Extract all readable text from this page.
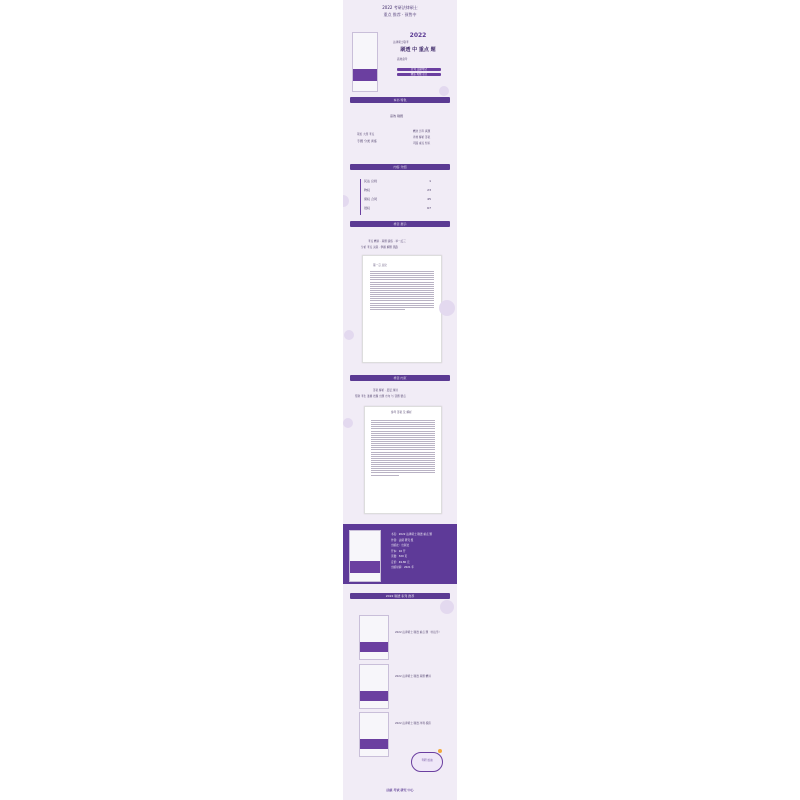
2022 考研法律硕士
重点 推荐 · 预售中
2022
法律硕士联考
刷透 中 重点 题
高效备考
针对 法硕考试
精选 真题 重点
本书 特色
高效 刷题
紧扣 大纲 考点
专题 分类 训练
精选 历年 真题
详细 解析 答案
巩固 重点 知识
内容 介绍
民法 总则	1
物权	23
债权 合同	45
侵权	67
样章 展示
考点 精讲 · 真题 演练 · 举一反三
分析 考点 关联 · 掌握 解题 思路
第一章 总论
样章 内页
答案 解析 · 层层 递进
帮助 考生 准确 把握 出题 方向 与 答题 要点
参考 答案 及 解析
书名：2022 法律硕士 刷透 重点 题
作者：法硕 研究 组
出版社：出版社
开本：16 开
页数：320 页
定价：49.80 元
出版时间：2021 年
2022 刷透 系列 推荐
2022 法律硕士 刷透 重点 题（非法学）
2022 法律硕士 刷透 真题 精讲
2022 法律硕士 刷透 冲刺 模拟
考研 加油
法硕 考试 研究 中心
